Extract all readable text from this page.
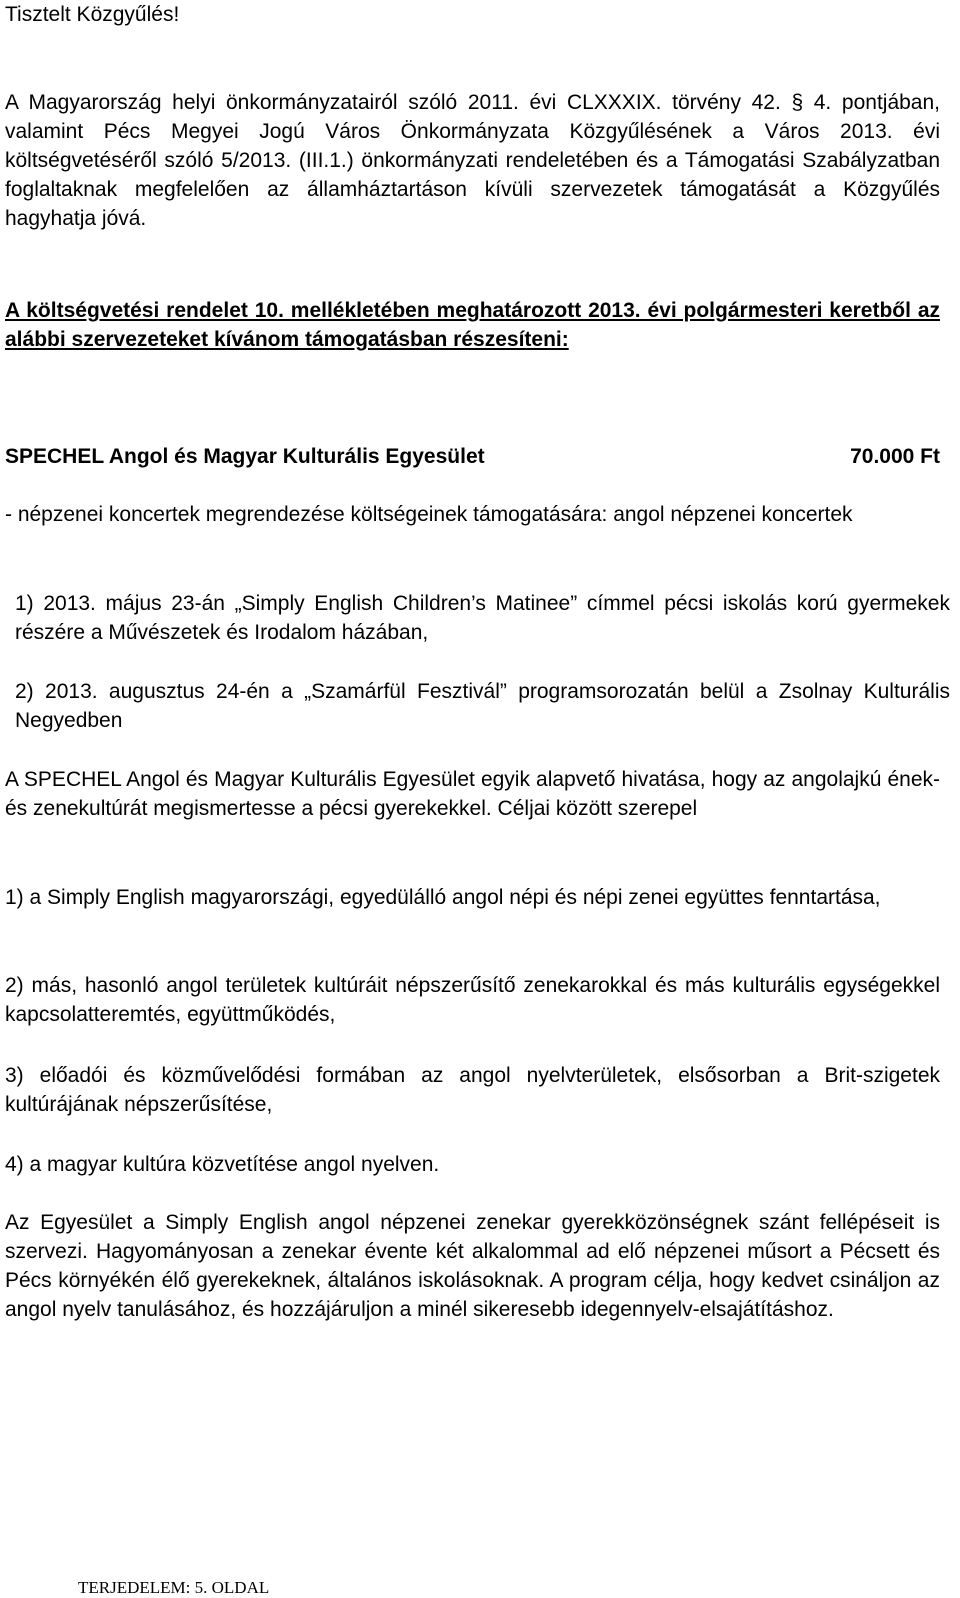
Tisztelt Közgyűlés!

A Magyarország helyi önkormányzatairól szóló 2011. évi CLXXXIX. törvény 42. § 4. pontjában, valamint Pécs Megyei Jogú Város Önkormányzata Közgyűlésének a Város 2013. évi költségvetéséről szóló 5/2013. (III.1.) önkormányzati rendeletében és a Támogatási Szabályzatban foglaltaknak megfelelően az államháztartáson kívüli szervezetek támogatását a Közgyűlés hagyhatja jóvá.

A költségvetési rendelet 10. mellékletében meghatározott 2013. évi polgármesteri keretből az alábbi szervezeteket kívánom támogatásban részesíteni:

SPECHEL Angol és Magyar Kulturális Egyesület	70.000 Ft

- népzenei koncertek megrendezése költségeinek támogatására: angol népzenei koncertek

1) 2013. május 23-án „Simply English Children’s Matinee” címmel pécsi iskolás korú gyermekek részére a Művészetek és Irodalom házában,

2) 2013. augusztus 24-én a „Szamárfül Fesztivál” programsorozatán belül a Zsolnay Kulturális Negyedben

A SPECHEL Angol és Magyar Kulturális Egyesület egyik alapvető hivatása, hogy az angolajkú ének- és zenekultúrát megismertesse a pécsi gyerekekkel. Céljai között szerepel

1) a Simply English magyarországi, egyedülálló angol népi és népi zenei együttes fenntartása,

2) más, hasonló angol területek kultúráit népszerűsítő zenekarokkal és más kulturális egységekkel kapcsolatteremtés, együttműködés,

3) előadói és közművelődési formában az angol nyelvterületek, elsősorban a Brit-szigetek kultúrájának népszerűsítése,

4) a magyar kultúra közvetítése angol nyelven.

Az Egyesület a Simply English angol népzenei zenekar gyerekközönségnek szánt fellépéseit is szervezi. Hagyományosan a zenekar évente két alkalommal ad elő népzenei műsort a Pécsett és Pécs környékén élő gyerekeknek, általános iskolásoknak. A program célja, hogy kedvet csináljon az angol nyelv tanulásához, és hozzájáruljon a minél sikeresebb idegennyelv-elsajátításhoz.

TERJEDELEM: 5. OLDAL
